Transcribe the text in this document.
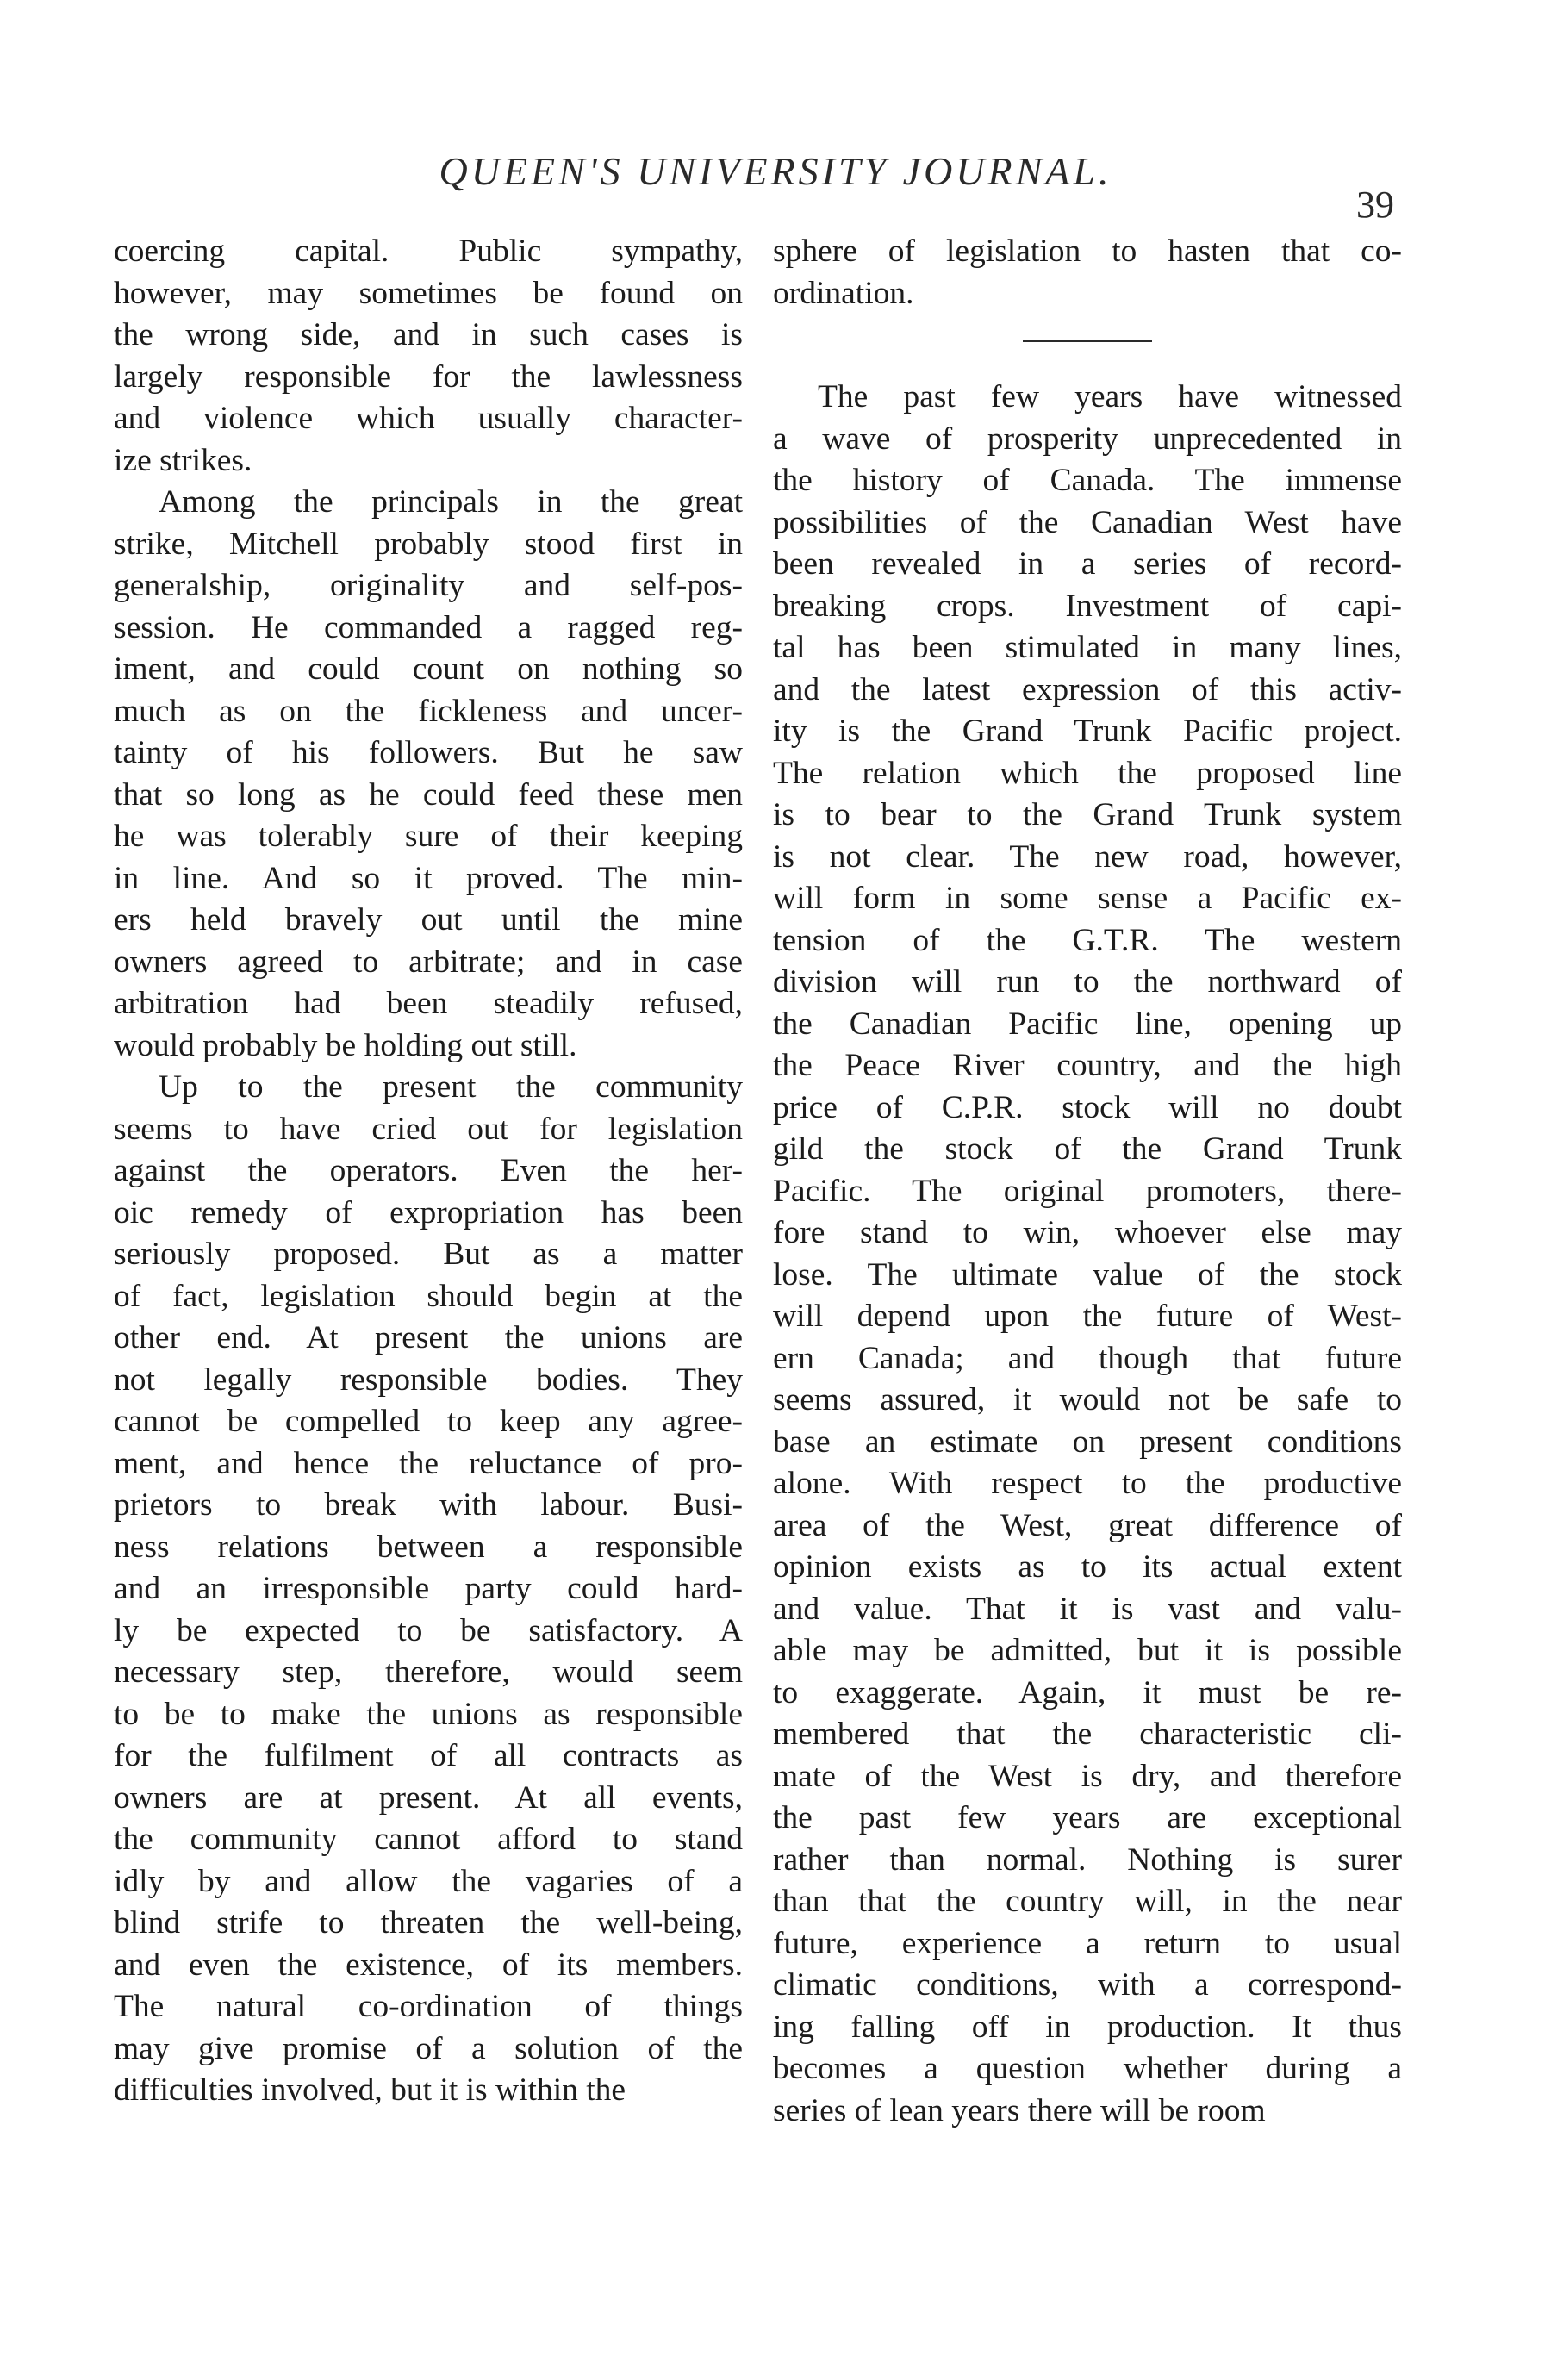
QUEEN'S UNIVERSITY JOURNAL.
39
coercing capital. Public sympathy,
however, may sometimes be found on
the wrong side, and in such cases is
largely responsible for the lawlessness
and violence which usually character-
ize strikes.
Among the principals in the great
strike, Mitchell probably stood first in
generalship, originality and self-pos-
session. He commanded a ragged reg-
iment, and could count on nothing so
much as on the fickleness and uncer-
tainty of his followers. But he saw
that so long as he could feed these men
he was tolerably sure of their keeping
in line. And so it proved. The min-
ers held bravely out until the mine
owners agreed to arbitrate; and in case
arbitration had been steadily refused,
would probably be holding out still.
Up to the present the community
seems to have cried out for legislation
against the operators. Even the her-
oic remedy of expropriation has been
seriously proposed. But as a matter
of fact, legislation should begin at the
other end. At present the unions are
not legally responsible bodies. They
cannot be compelled to keep any agree-
ment, and hence the reluctance of pro-
prietors to break with labour. Busi-
ness relations between a responsible
and an irresponsible party could hard-
ly be expected to be satisfactory. A
necessary step, therefore, would seem
to be to make the unions as responsible
for the fulfilment of all contracts as
owners are at present. At all events,
the community cannot afford to stand
idly by and allow the vagaries of a
blind strife to threaten the well-being,
and even the existence, of its members.
The natural co-ordination of things
may give promise of a solution of the
difficulties involved, but it is within the
sphere of legislation to hasten that co-
ordination.
The past few years have witnessed
a wave of prosperity unprecedented in
the history of Canada. The immense
possibilities of the Canadian West have
been revealed in a series of record-
breaking crops. Investment of capi-
tal has been stimulated in many lines,
and the latest expression of this activ-
ity is the Grand Trunk Pacific project.
The relation which the proposed line
is to bear to the Grand Trunk system
is not clear. The new road, however,
will form in some sense a Pacific ex-
tension of the G.T.R. The western
division will run to the northward of
the Canadian Pacific line, opening up
the Peace River country, and the high
price of C.P.R. stock will no doubt
gild the stock of the Grand Trunk
Pacific. The original promoters, there-
fore stand to win, whoever else may
lose. The ultimate value of the stock
will depend upon the future of West-
ern Canada; and though that future
seems assured, it would not be safe to
base an estimate on present conditions
alone. With respect to the productive
area of the West, great difference of
opinion exists as to its actual extent
and value. That it is vast and valu-
able may be admitted, but it is possible
to exaggerate. Again, it must be re-
membered that the characteristic cli-
mate of the West is dry, and therefore
the past few years are exceptional
rather than normal. Nothing is surer
than that the country will, in the near
future, experience a return to usual
climatic conditions, with a correspond-
ing falling off in production. It thus
becomes a question whether during a
series of lean years there will be room
